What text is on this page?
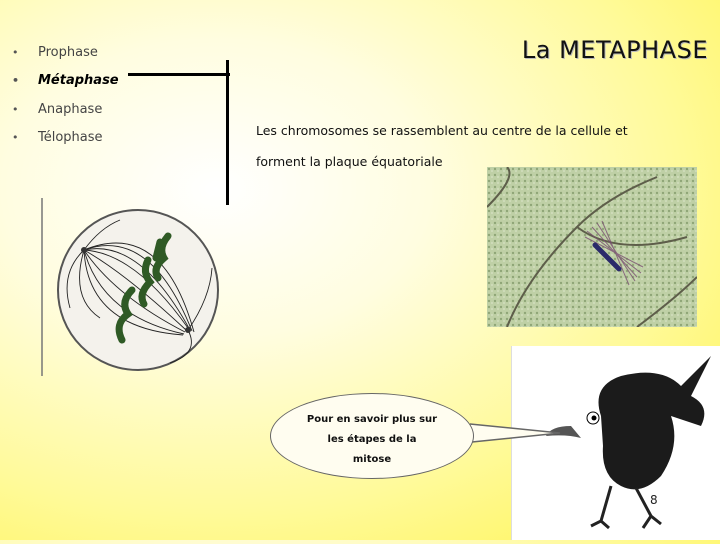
•	Prophase
•	Métaphase
•	Anaphase
•	Télophase
La METAPHASE
Les chromosomes se rassemblent au centre de la cellule et
forment la plaque équatoriale
Pour en savoir plus sur
les étapes de la
mitose
8
